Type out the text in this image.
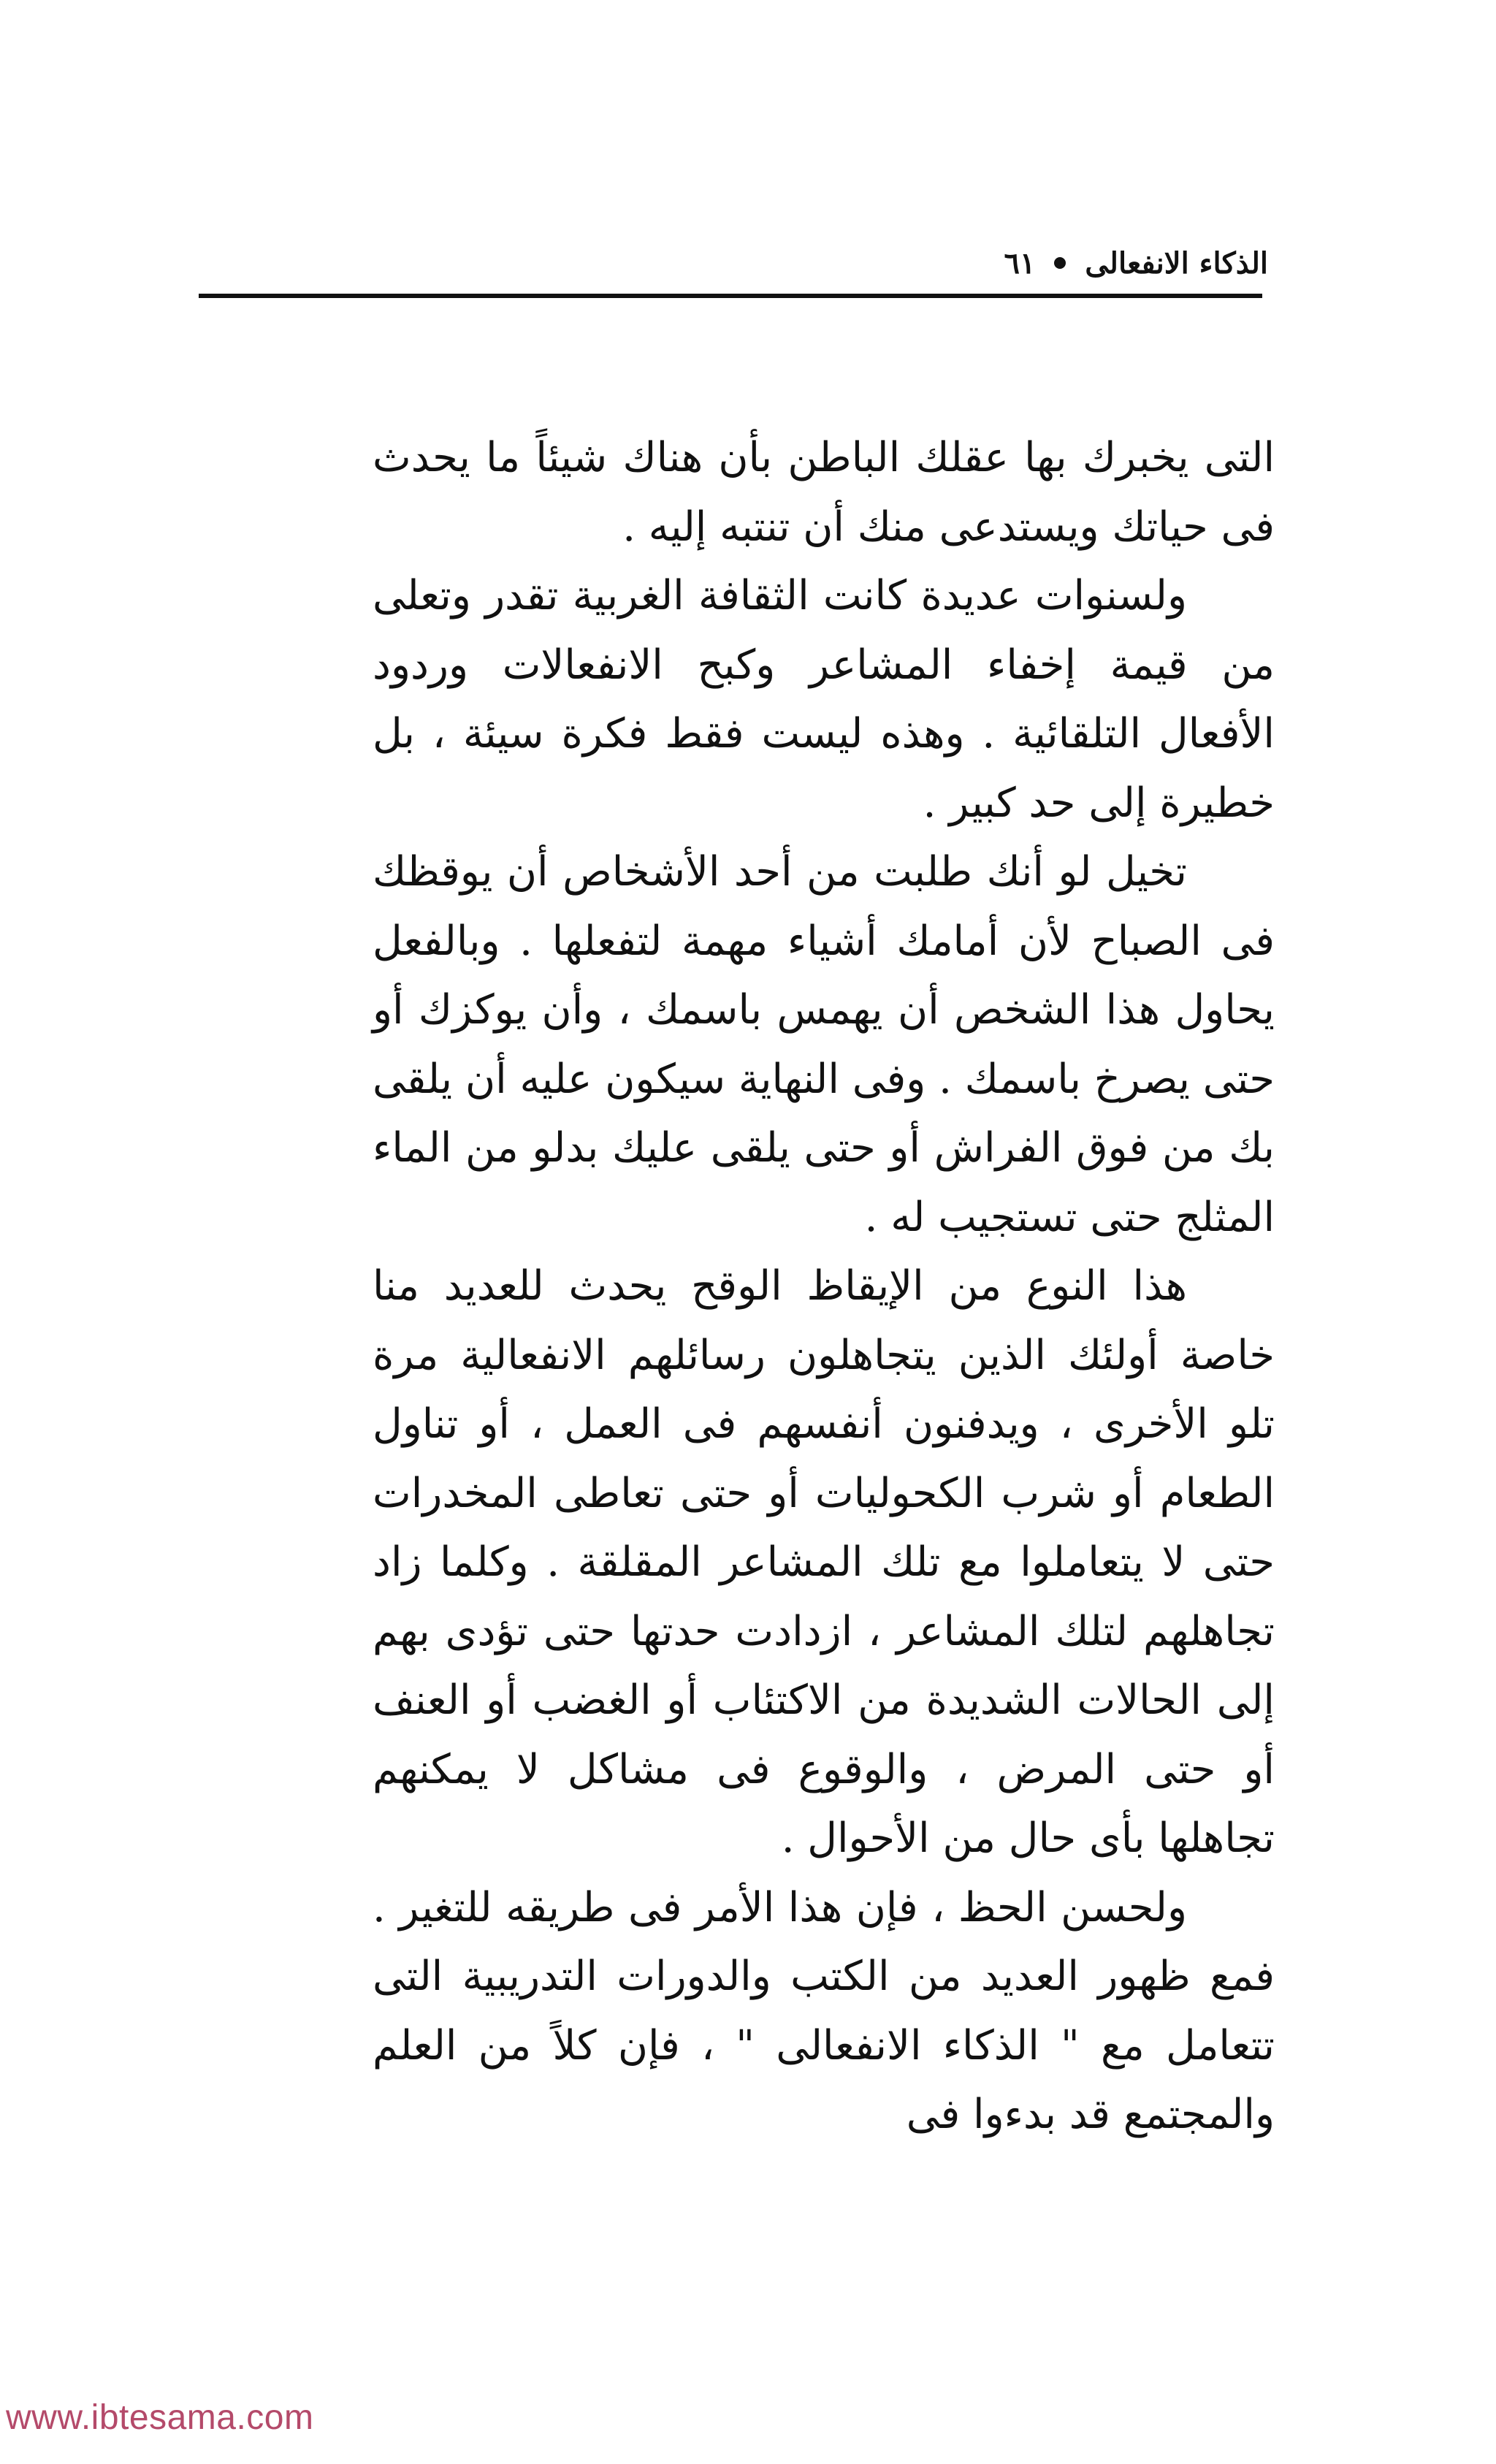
الذكاء الانفعالى
٦١

التى يخبرك بها عقلك الباطن بأن هناك شيئاً ما يحدث فى حياتك ويستدعى منك أن تنتبه إليه .

ولسنوات عديدة كانت الثقافة الغربية تقدر وتعلى من قيمة إخفاء المشاعر وكبح الانفعالات وردود الأفعال التلقائية . وهذه ليست فقط فكرة سيئة ، بل خطيرة إلى حد كبير .

تخيل لو أنك طلبت من أحد الأشخاص أن يوقظك فى الصباح لأن أمامك أشياء مهمة لتفعلها . وبالفعل يحاول هذا الشخص أن يهمس باسمك ، وأن يوكزك أو حتى يصرخ باسمك . وفى النهاية سيكون عليه أن يلقى بك من فوق الفراش أو حتى يلقى عليك بدلو من الماء المثلج حتى تستجيب له .

هذا النوع من الإيقاظ الوقح يحدث للعديد منا خاصة أولئك الذين يتجاهلون رسائلهم الانفعالية مرة تلو الأخرى ، ويدفنون أنفسهم فى العمل ، أو تناول الطعام أو شرب الكحوليات أو حتى تعاطى المخدرات حتى لا يتعاملوا مع تلك المشاعر المقلقة . وكلما زاد تجاهلهم لتلك المشاعر ، ازدادت حدتها حتى تؤدى بهم إلى الحالات الشديدة من الاكتئاب أو الغضب أو العنف أو حتى المرض ، والوقوع فى مشاكل لا يمكنهم تجاهلها بأى حال من الأحوال .

ولحسن الحظ ، فإن هذا الأمر فى طريقه للتغير . فمع ظهور العديد من الكتب والدورات التدريبية التى تتعامل مع " الذكاء الانفعالى " ، فإن كلاً من العلم والمجتمع قد بدءوا فى

www.ibtesama.com
